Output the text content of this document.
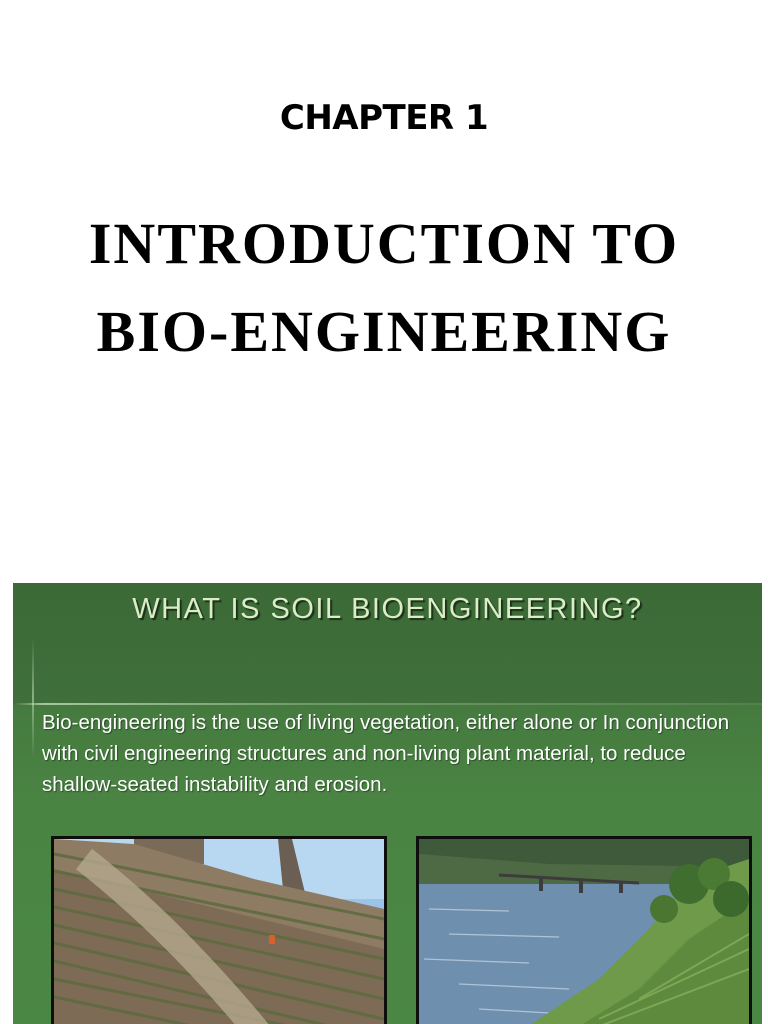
CHAPTER 1
INTRODUCTION TO
BIO-ENGINEERING
WHAT IS SOIL BIOENGINEERING?
Bio-engineering is the use of living vegetation, either alone or In conjunction with civil engineering structures and non-living plant material, to reduce shallow-seated instability and erosion.
